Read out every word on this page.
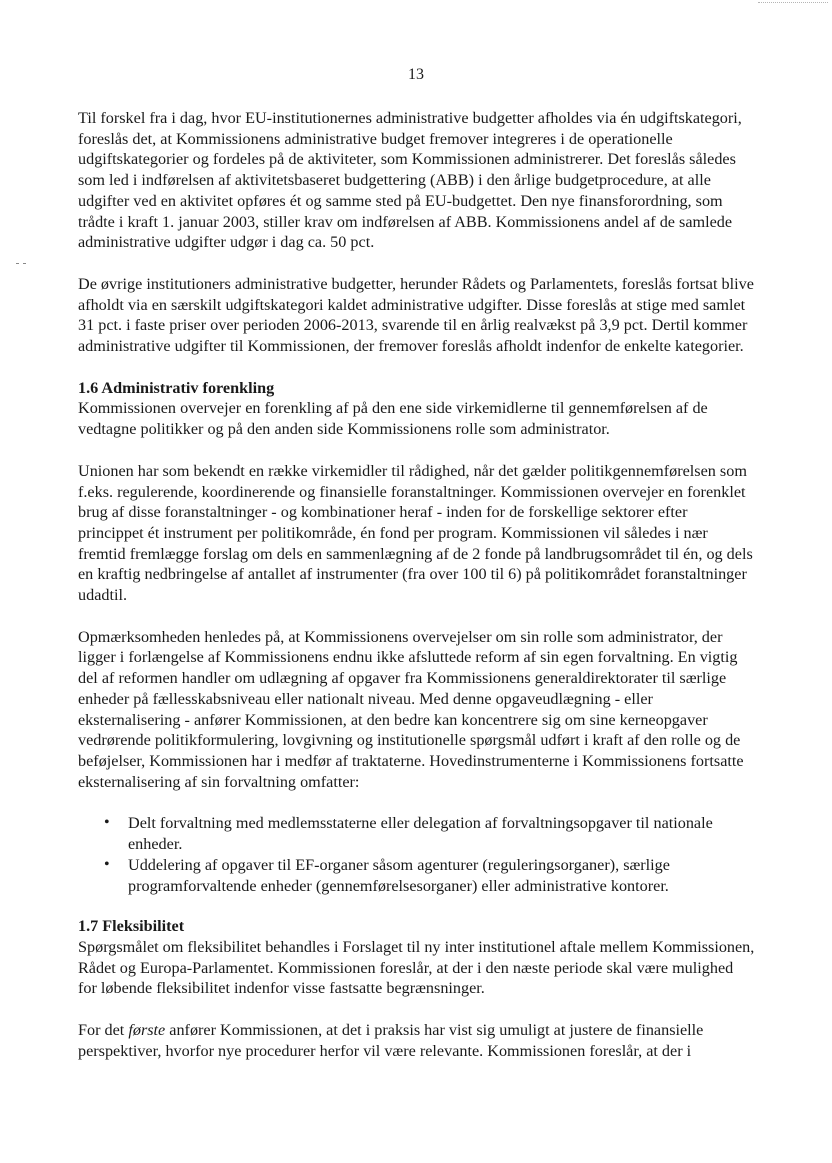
13

Til forskel fra i dag, hvor EU-institutionernes administrative budgetter afholdes via én udgiftskategori, foreslås det, at Kommissionens administrative budget fremover integreres i de operationelle udgiftskategorier og fordeles på de aktiviteter, som Kommissionen administrerer. Det foreslås således som led i indførelsen af aktivitetsbaseret budgettering (ABB) i den årlige budgetprocedure, at alle udgifter ved en aktivitet opføres ét og samme sted på EU-budgettet. Den nye finansforordning, som trådte i kraft 1. januar 2003, stiller krav om indførelsen af ABB. Kommissionens andel af de samlede administrative udgifter udgør i dag ca. 50 pct.

De øvrige institutioners administrative budgetter, herunder Rådets og Parlamentets, foreslås fortsat blive afholdt via en særskilt udgiftskategori kaldet administrative udgifter. Disse foreslås at stige med samlet 31 pct. i faste priser over perioden 2006-2013, svarende til en årlig realvækst på 3,9 pct. Dertil kommer administrative udgifter til Kommissionen, der fremover foreslås afholdt indenfor de enkelte kategorier.

1.6 Administrativ forenkling

Kommissionen overvejer en forenkling af på den ene side virkemidlerne til gennemførelsen af de vedtagne politikker og på den anden side Kommissionens rolle som administrator.

Unionen har som bekendt en række virkemidler til rådighed, når det gælder politikgennemførelsen som f.eks. regulerende, koordinerende og finansielle foranstaltninger. Kommissionen overvejer en forenklet brug af disse foranstaltninger - og kombinationer heraf - inden for de forskellige sektorer efter princippet ét instrument per politikområde, én fond per program. Kommissionen vil således i nær fremtid fremlægge forslag om dels en sammenlægning af de 2 fonde på landbrugsområdet til én, og dels en kraftig nedbringelse af antallet af instrumenter (fra over 100 til 6) på politikområdet foranstaltninger udadtil.

Opmærksomheden henledes på, at Kommissionens overvejelser om sin rolle som administrator, der ligger i forlængelse af Kommissionens endnu ikke afsluttede reform af sin egen forvaltning. En vigtig del af reformen handler om udlægning af opgaver fra Kommissionens generaldirektorater til særlige enheder på fællesskabsniveau eller nationalt niveau. Med denne opgaveudlægning - eller eksternalisering - anfører Kommissionen, at den bedre kan koncentrere sig om sine kerneopgaver vedrørende politikformulering, lovgivning og institutionelle spørgsmål udført i kraft af den rolle og de beføjelser, Kommissionen har i medfør af traktaterne. Hovedinstrumenterne i Kommissionens fortsatte eksternalisering af sin forvaltning omfatter:

• Delt forvaltning med medlemsstaterne eller delegation af forvaltningsopgaver til nationale enheder.
• Uddelering af opgaver til EF-organer såsom agenturer (reguleringsorganer), særlige programforvaltende enheder (gennemførelsesorganer) eller administrative kontorer.
1.7 Fleksibilitet

Spørgsmålet om fleksibilitet behandles i Forslaget til ny inter institutionel aftale mellem Kommissionen, Rådet og Europa-Parlamentet. Kommissionen foreslår, at der i den næste periode skal være mulighed for løbende fleksibilitet indenfor visse fastsatte begrænsninger.

For det første anfører Kommissionen, at det i praksis har vist sig umuligt at justere de finansielle perspektiver, hvorfor nye procedurer herfor vil være relevante. Kommissionen foreslår, at der i
